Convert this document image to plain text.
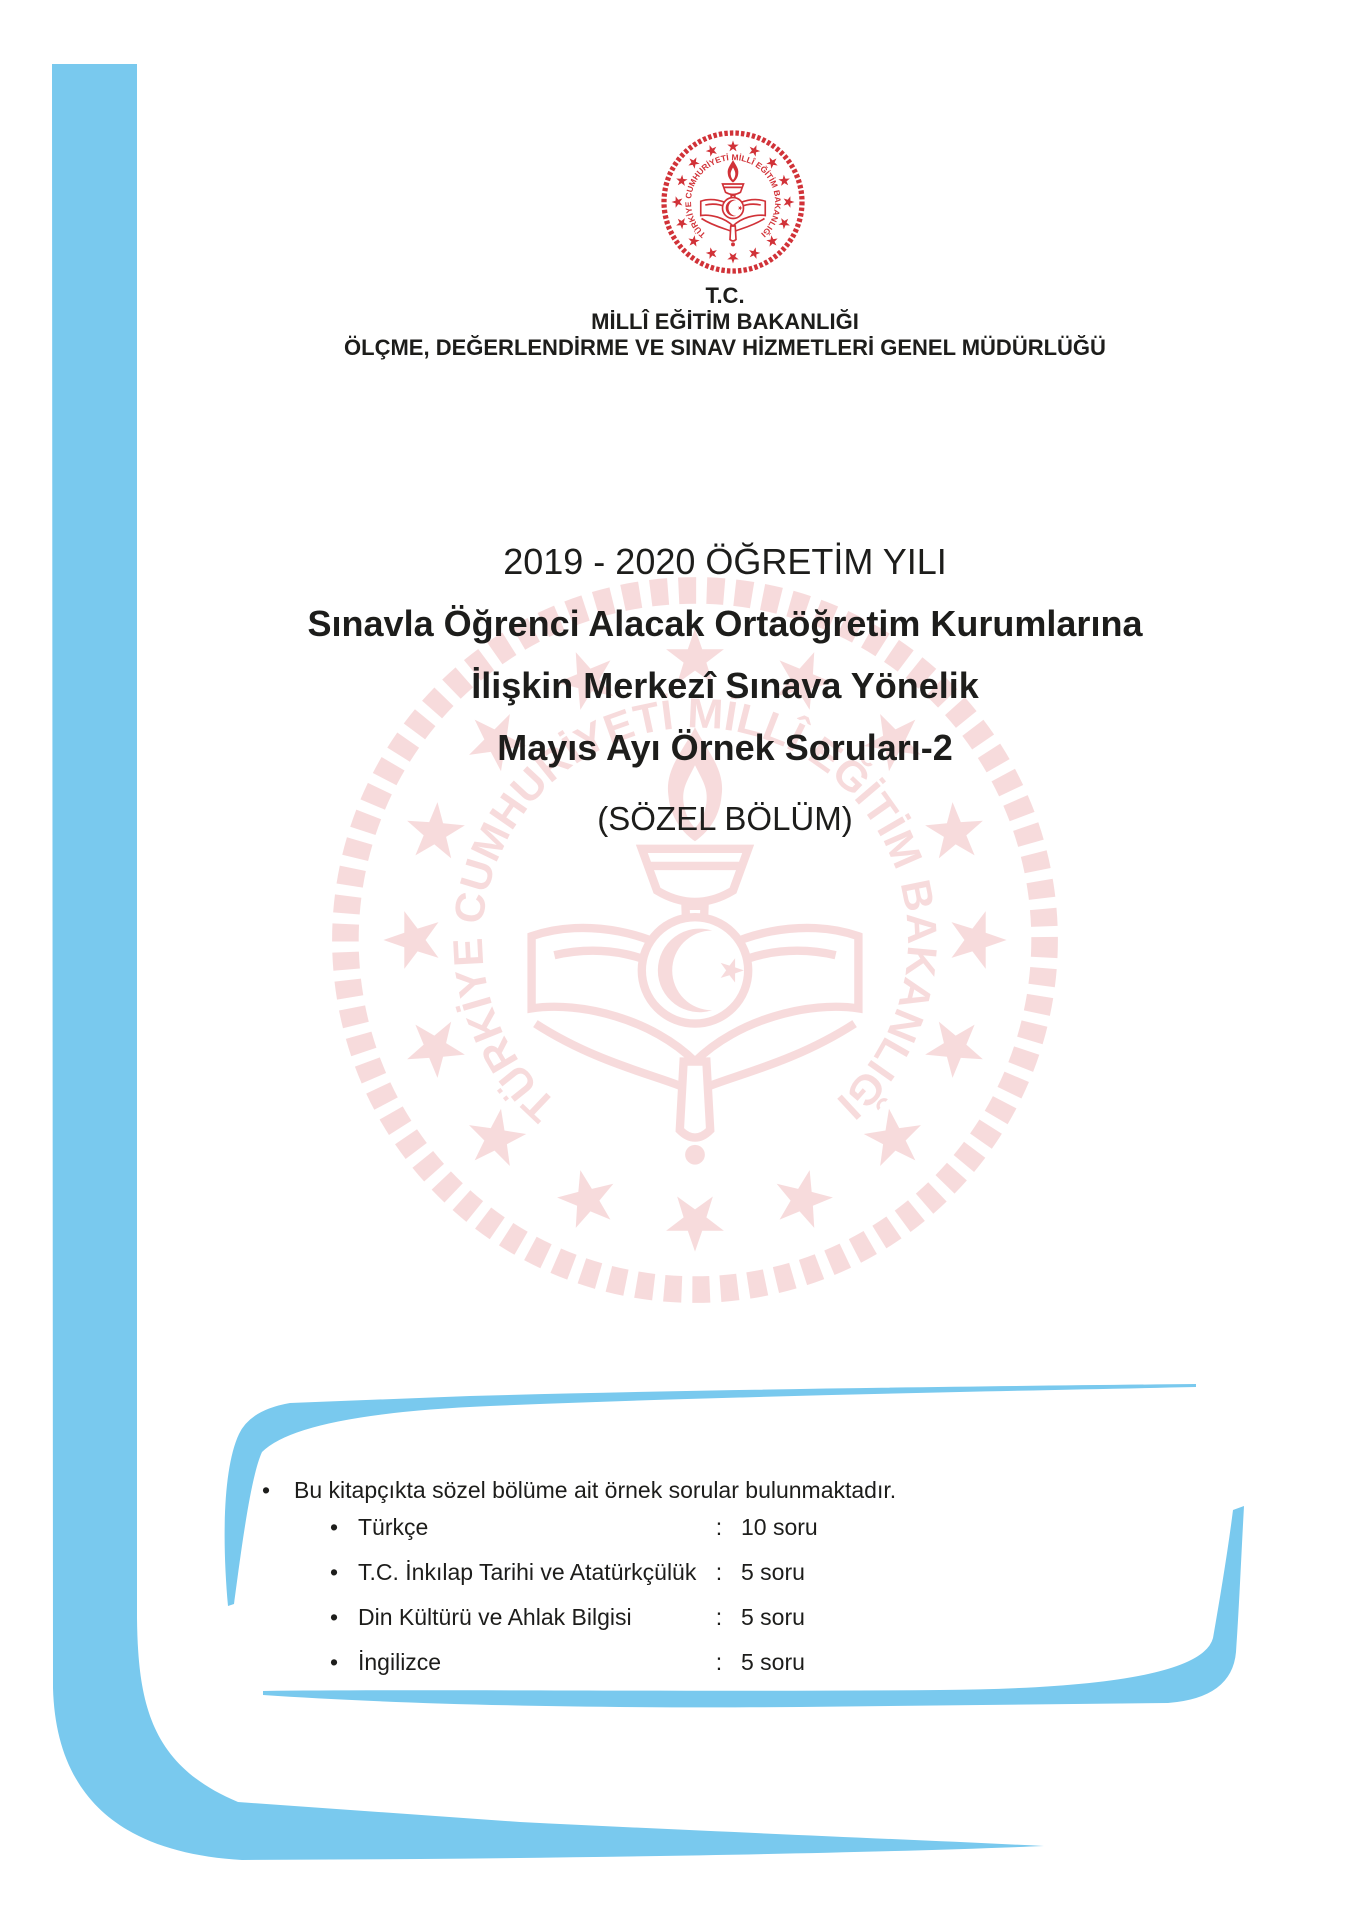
T.C.
MİLLÎ EĞİTİM BAKANLIĞI
ÖLÇME, DEĞERLENDİRME VE SINAV HİZMETLERİ GENEL MÜDÜRLÜĞÜ
2019 - 2020 ÖĞRETİM YILI
Sınavla Öğrenci Alacak Ortaöğretim Kurumlarına
İlişkin Merkezî Sınava Yönelik
Mayıs Ayı Örnek Soruları-2
(SÖZEL BÖLÜM)
• Bu kitapçıkta sözel bölüme ait örnek sorular bulunmaktadır.
• Türkçe	: 10 soru
• T.C. İnkılap Tarihi ve Atatürkçülük : 5 soru
• Din Kültürü ve Ahlak Bilgisi	: 5 soru
• İngilizce	: 5 soru
